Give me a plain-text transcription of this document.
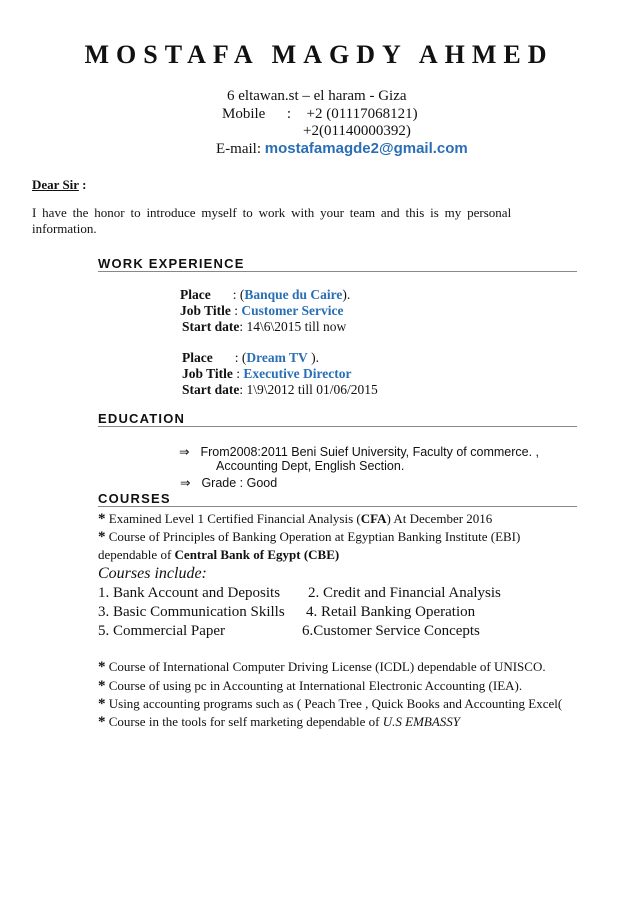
MOSTAFA MAGDY AHMED
6 eltawan.st – el haram - Giza
Mobile : +2 (01117068121)
+2(01140000392)
E-mail: mostafamagde2@gmail.com
Dear Sir :
I have the honor to introduce myself to work with your team and this is my personal
information.
WORK EXPERIENCE
Place : (Banque du Caire).
Job Title : Customer Service
Start date: 14\6\2015 till now
Place : (Dream TV ).
Job Title : Executive Director
Start date: 1\9\2012 till 01/06/2015
EDUCATION
⇒ From2008:2011 Beni Suief University, Faculty of commerce. ,
Accounting Dept, English Section.
⇒ Grade : Good
COURSES
* Examined Level 1 Certified Financial Analysis (CFA) At December 2016
* Course of Principles of Banking Operation at Egyptian Banking Institute (EBI)
dependable of Central Bank of Egypt (CBE)
Courses include:
1. Bank Account and Deposits 2. Credit and Financial Analysis
3. Basic Communication Skills 4. Retail Banking Operation
5. Commercial Paper	6.Customer Service Concepts
* Course of International Computer Driving License (ICDL) dependable of UNISCO.
* Course of using pc in Accounting at International Electronic Accounting (IEA).
* Using accounting programs such as ( Peach Tree , Quick Books and Accounting Excel(
* Course in the tools for self marketing dependable of U.S EMBASSY
